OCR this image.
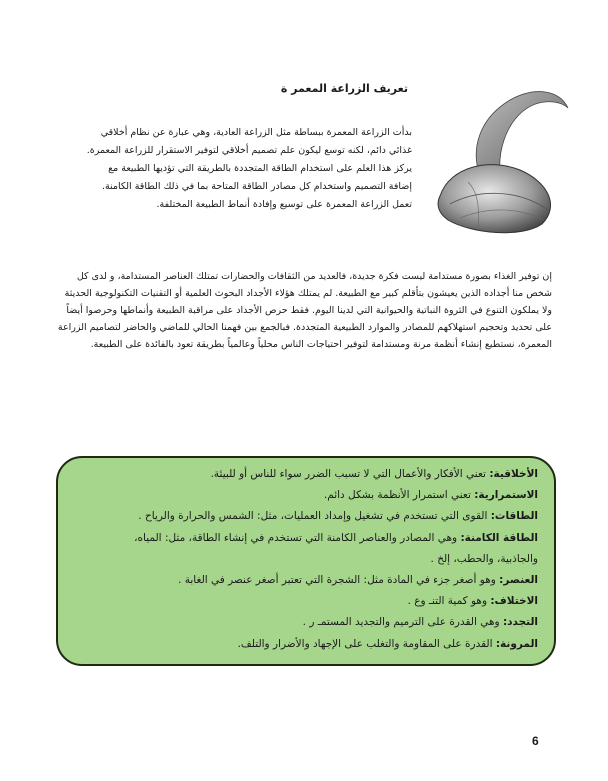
تعريف الزراعة المعمر ة

بدأت الزراعة المعمرة ببساطة مثل الزراعة العادية، وهي عبارة عن نظام أخلاقي غذائي دائم، لكنه توسع ليكون علم تصميم أخلاقي لتوفير الاستقرار للزراعة المعمرة. يركز هذا العلم على استخدام الطاقة المتجددة بالطريقة التي تؤديها الطبيعة مع إضافة التصميم واستخدام كل مصادر الطاقة المتاحة بما في ذلك الطاقة الكامنة. تعمل الزراعة المعمرة على توسيع وإفادة أنماط الطبيعة المختلفة.

إن توفير الغذاء بصورة مستدامة ليست فكرة جديدة، فالعديد من الثقافات والحضارات تمتلك العناصر المستدامة، و لدى كل شخص منا أجداده الذين يعيشون بتأقلم كبير مع الطبيعة. لم يمتلك هؤلاء الأجداد البحوث العلمية أو التقنيات التكنولوجية الحديثة ولا يملكون التنوع في الثروة النباتية والحيوانية التي لدينا اليوم. فقط حرص الأجداد على مراقبة الطبيعة وأنماطها وحرصوا أيضاً على تحديد وتحجيم استهلاكهم للمصادر والموارد الطبيعية المتجددة. فبالجمع بين فهمنا الحالي للماضي والحاضر لتصاميم الزراعة المعمرة، نستطيع إنشاء أنظمة مرنة ومستدامة لتوفير احتياجات الناس محلياً وعالمياً بطريقة تعود بالفائدة على الطبيعة.

الأخلاقية: تعني الأفكار والأعمال التي لا تسبب الضرر سواء للناس أو للبيئة.
الاستمرارية: تعني استمرار الأنظمة بشكل دائم.
الطاقات: القوى التي تستخدم في تشغيل وإمداد العمليات، مثل: الشمس والحرارة والرياح .
الطاقة الكامنة: وهي المصادر والعناصر الكامنة التي تستخدم في إنشاء الطاقة، مثل: المياه،
والجاذبية، والحطب، إلخ .
العنصر: وهو أصغر جزء في المادة مثل: الشجرة التي تعتبر أصغر عنصر في الغابة .
الاختلاف: وهو كمية التنـ وع .
التجدد: وهي القدرة على الترميم والتجديد المستمـ ر .
المرونة: القدرة على المقاومة والتغلب على الإجهاد والأضرار والتلف.
6
